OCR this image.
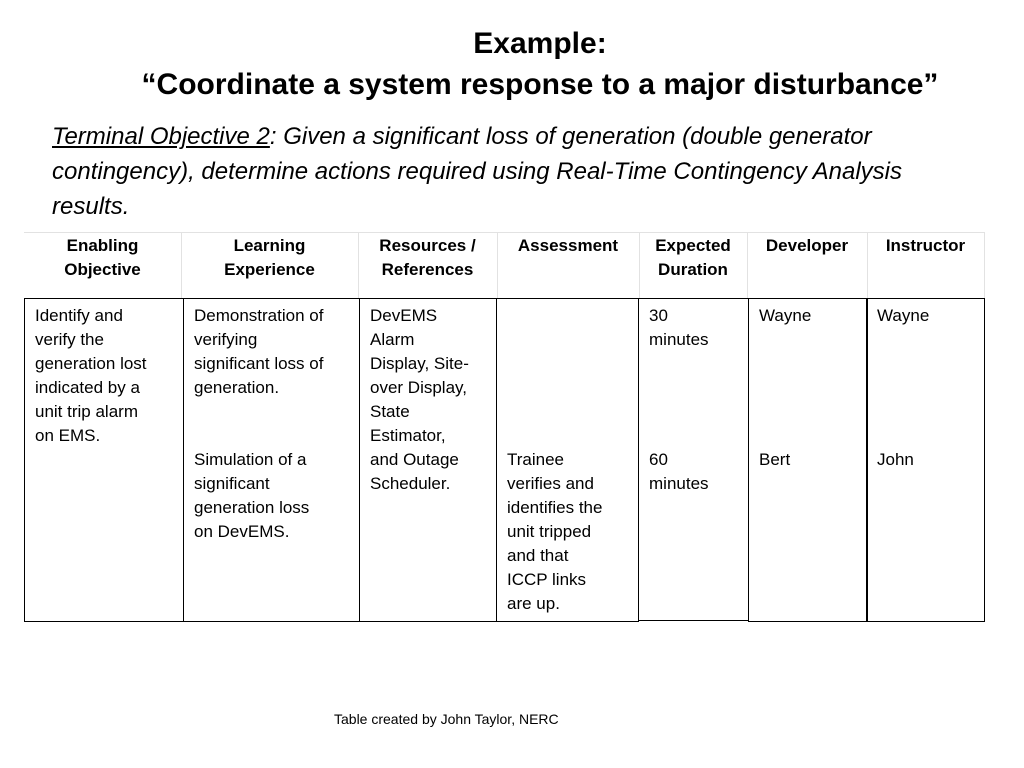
Example:
“Coordinate a system response to a major disturbance”

Terminal Objective 2: Given a significant loss of generation (double generator contingency), determine actions required using Real-Time Contingency Analysis results.

Enabling
Objective
Learning
Experience
Resources /
References
Assessment	Expected
Duration
Developer	Instructor
Identify and
verify the
generation lost
indicated by a
unit trip alarm
on EMS.
Demonstration of
verifying
significant loss of
generation.
Simulation of a
significant
generation loss
on DevEMS.
DevEMS
Alarm
Display, Site-
over Display,
State
Estimator,
and Outage
Scheduler.
Trainee
verifies and
identifies the
unit tripped
and that
ICCP links
are up.
30
minutes
60
minutes
Wayne
Bert
Wayne
John
Table created by John Taylor, NERC
